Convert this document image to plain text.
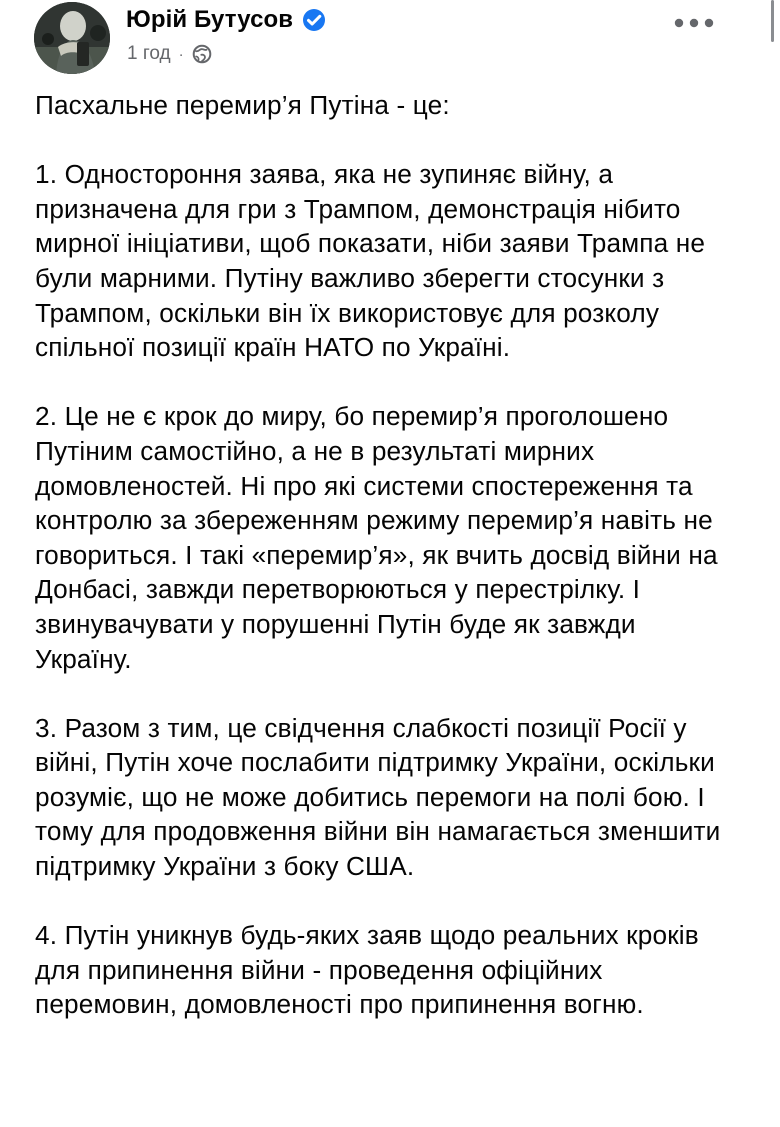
Юрій Бутусов
1 год ·

Пасхальне перемир’я Путіна - це:

1. Одностороння заява, яка не зупиняє війну, а призначена для гри з Трампом, демонстрація нібито мирної ініціативи, щоб показати, ніби заяви Трампа не були марними. Путіну важливо зберегти стосунки з Трампом, оскільки він їх використовує для розколу спільної позиції країн НАТО по Україні.

2. Це не є крок до миру, бо перемир’я проголошено Путіним самостійно, а не в результаті мирних домовленостей. Ні про які системи спостереження та контролю за збереженням режиму перемир’я навіть не говориться. І такі «перемир’я», як вчить досвід війни на Донбасі, завжди перетворюються у перестрілку. І звинувачувати у порушенні Путін буде як завжди Україну.

3. Разом з тим, це свідчення слабкості позиції Росії у війні, Путін хоче послабити підтримку України, оскільки розуміє, що не може добитись перемоги на полі бою. І тому для продовження війни він намагається зменшити підтримку України з боку США.

4. Путін уникнув будь-яких заяв щодо реальних кроків для припинення війни - проведення офіційних перемовин, домовленості про припинення вогню.
